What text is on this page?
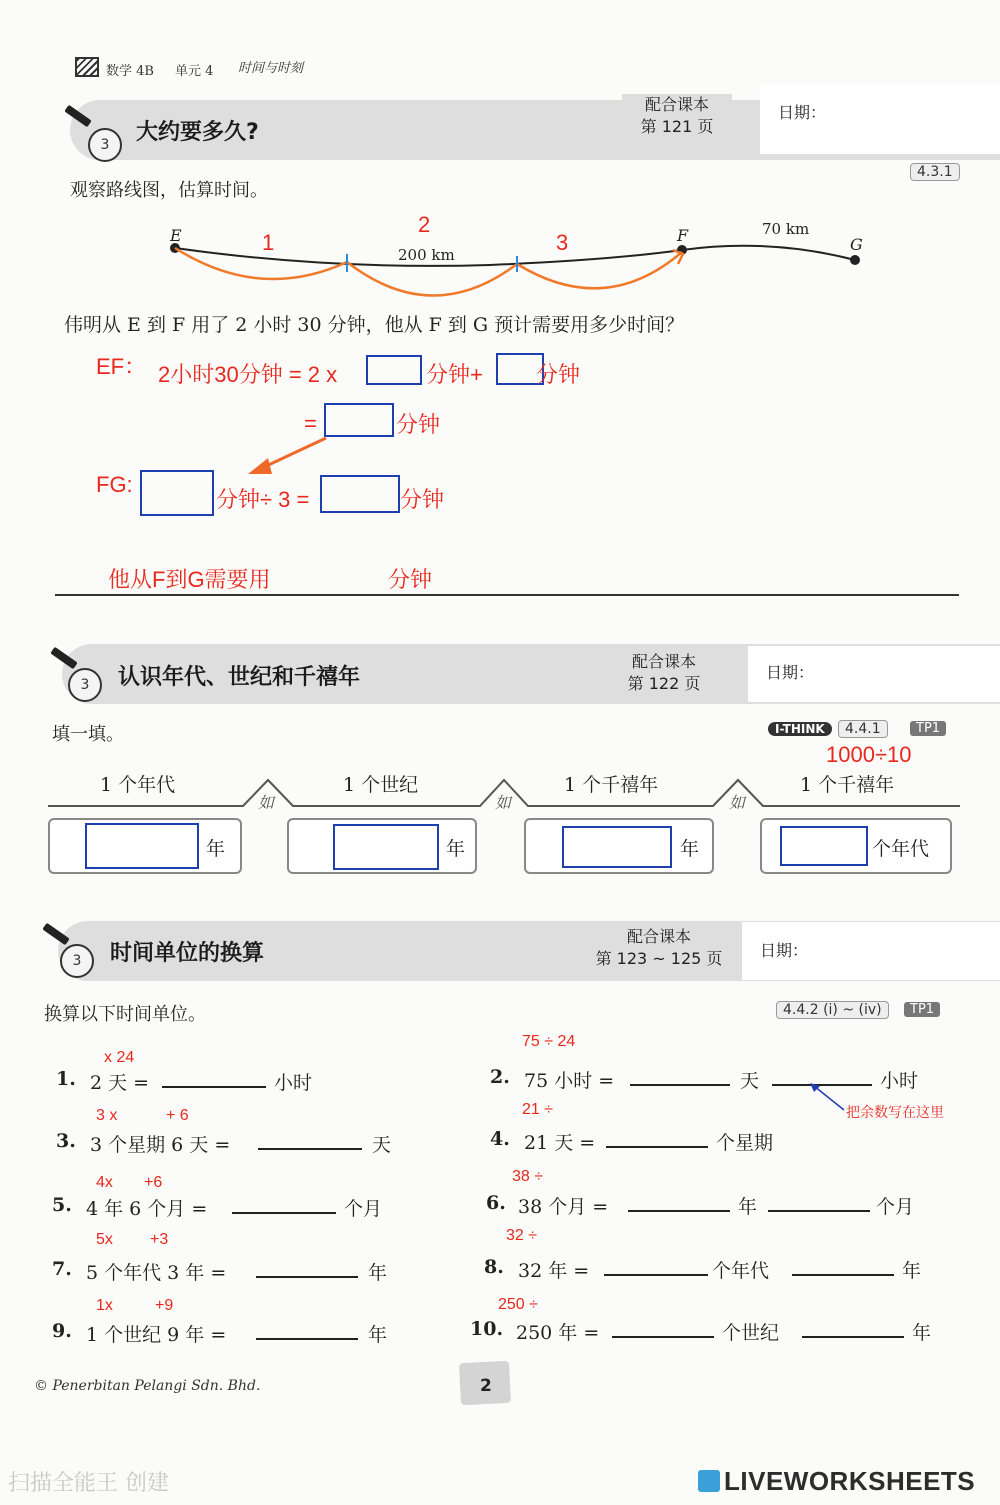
数学 4B 单元 4 时间与时刻
3	大约要多久?
配合课本
第 121 页
日期：
4.3.1
观察路线图，估算时间。
E	F	G
200 km
70 km
1
2
3
伟明从 E 到 F 用了 2 小时 30 分钟，他从 F 到 G 预计需要用多少时间？
EF： 2小时30分钟 = 2 x	分钟+ 分钟
=	分钟
FG:
分钟÷ 3 =	分钟
他从F到G需要用	分钟
3	认识年代、世纪和千禧年
配合课本
第 122 页
日期：
填一填。	I-THINK	4.4.1	TP1
1000÷10
如	如	如
1 个年代	1 个世纪	1 个千禧年	1 个千禧年
年	年	年	个年代
3	时间单位的换算
配合课本
第 123 ~ 125 页	日期：
换算以下时间单位。	4.4.2 (i) ~ (iv)	TP1
x 24
1. 2 天 =	小时
3 x	+ 6
3. 3 个星期 6 天 =	天
4x +6
5. 4 年 6 个月 =	个月
5x +3
7. 5 个年代 3 年 =	年
1x	+9
9. 1 个世纪 9 年 =	年
75 ÷ 24
2. 75 小时 =	天	小时
把余数写在这里
21 ÷
4. 21 天 =	个星期
38 ÷
6. 38 个月 =	年	个月
32 ÷
8. 32 年 =	个年代	年
250 ÷
10. 250 年 =	个世纪	年
© Penerbitan Pelangi Sdn. Bhd.	2
扫描全能王 创建	LIVEWORKSHEETS
